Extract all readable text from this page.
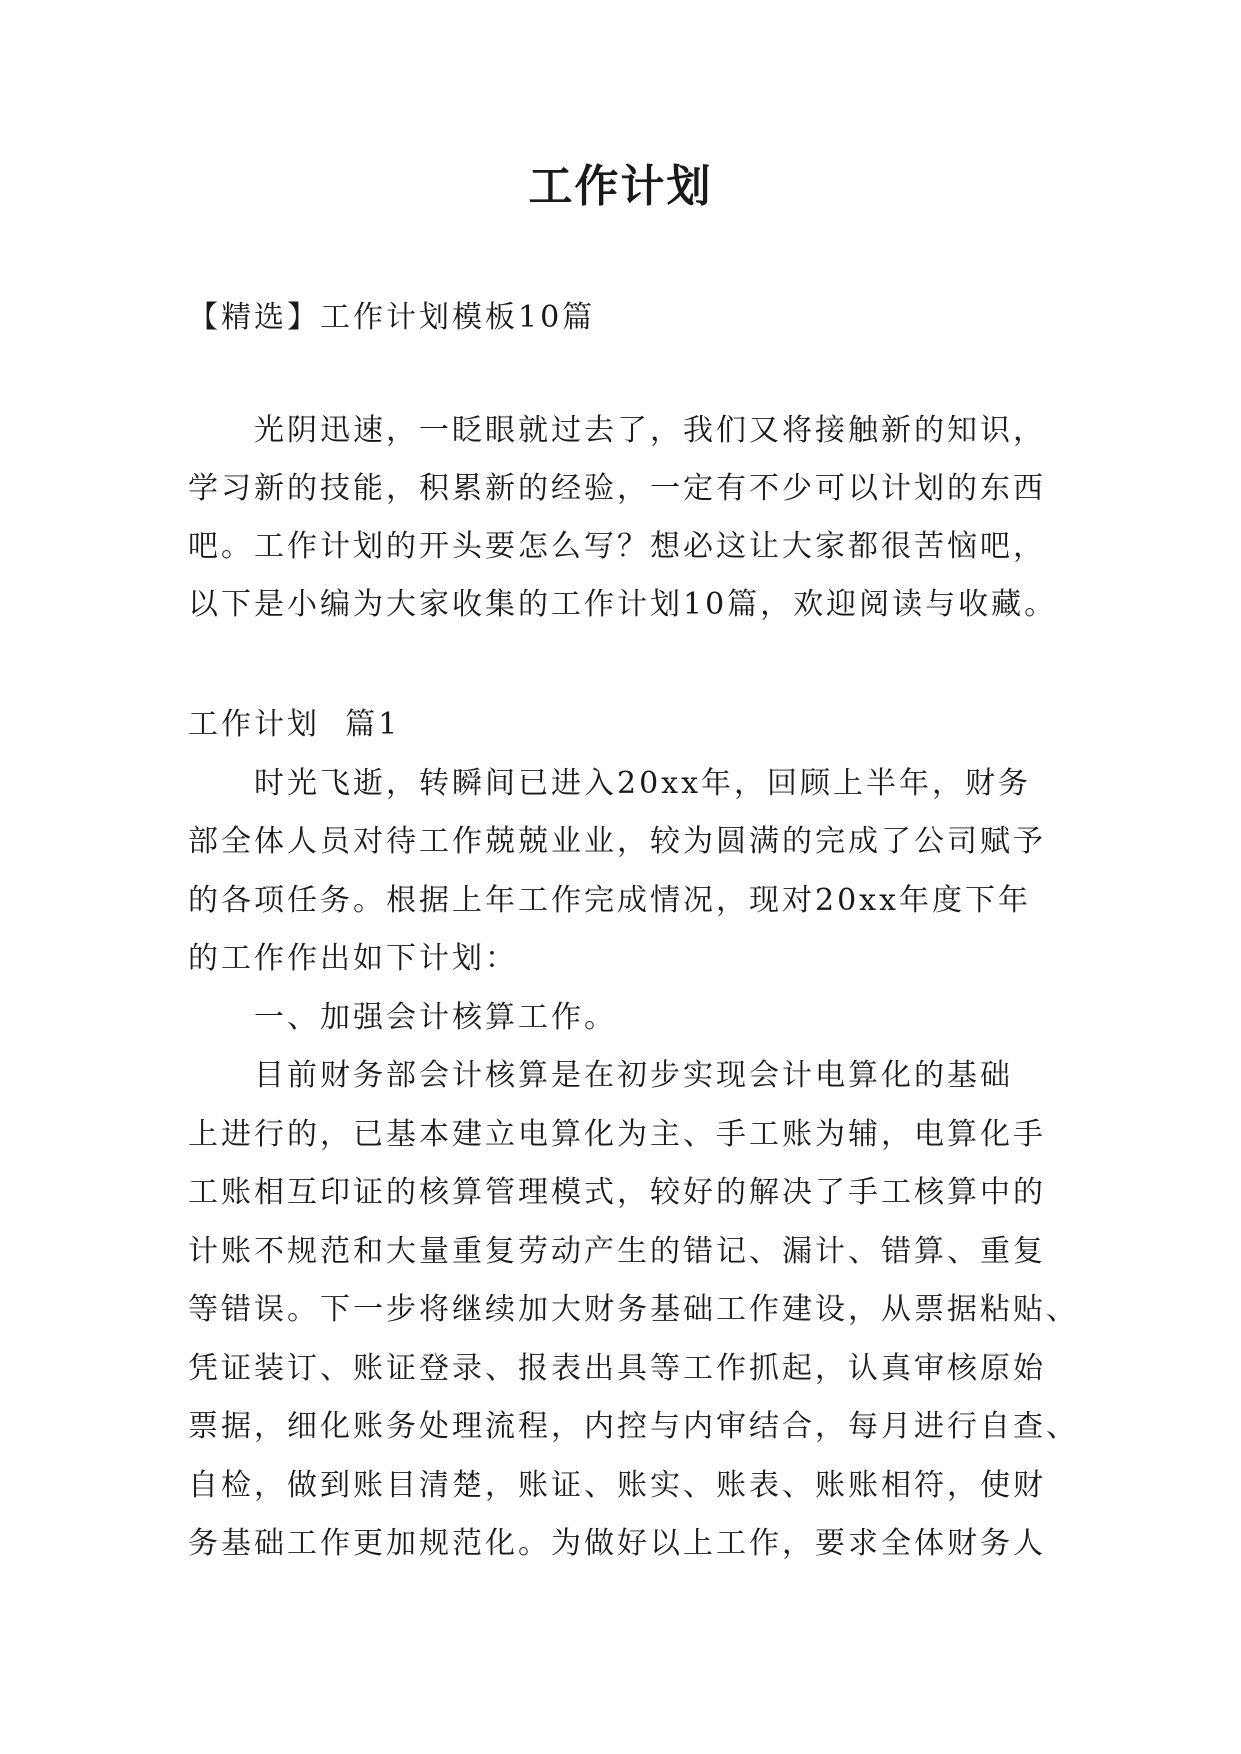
工作计划
【精选】工作计划模板10篇
光阴迅速，一眨眼就过去了，我们又将接触新的知识，
学习新的技能，积累新的经验，一定有不少可以计划的东西
吧。工作计划的开头要怎么写？想必这让大家都很苦恼吧，
以下是小编为大家收集的工作计划10篇，欢迎阅读与收藏。
工作计划  篇1
时光飞逝，转瞬间已进入20xx年，回顾上半年，财务
部全体人员对待工作兢兢业业，较为圆满的完成了公司赋予
的各项任务。根据上年工作完成情况，现对20xx年度下年
的工作作出如下计划：
一、加强会计核算工作。
目前财务部会计核算是在初步实现会计电算化的基础
上进行的，已基本建立电算化为主、手工账为辅，电算化手
工账相互印证的核算管理模式，较好的解决了手工核算中的
计账不规范和大量重复劳动产生的错记、漏计、错算、重复
等错误。下一步将继续加大财务基础工作建设，从票据粘贴、
凭证装订、账证登录、报表出具等工作抓起，认真审核原始
票据，细化账务处理流程，内控与内审结合，每月进行自查、
自检，做到账目清楚，账证、账实、账表、账账相符，使财
务基础工作更加规范化。为做好以上工作，要求全体财务人
